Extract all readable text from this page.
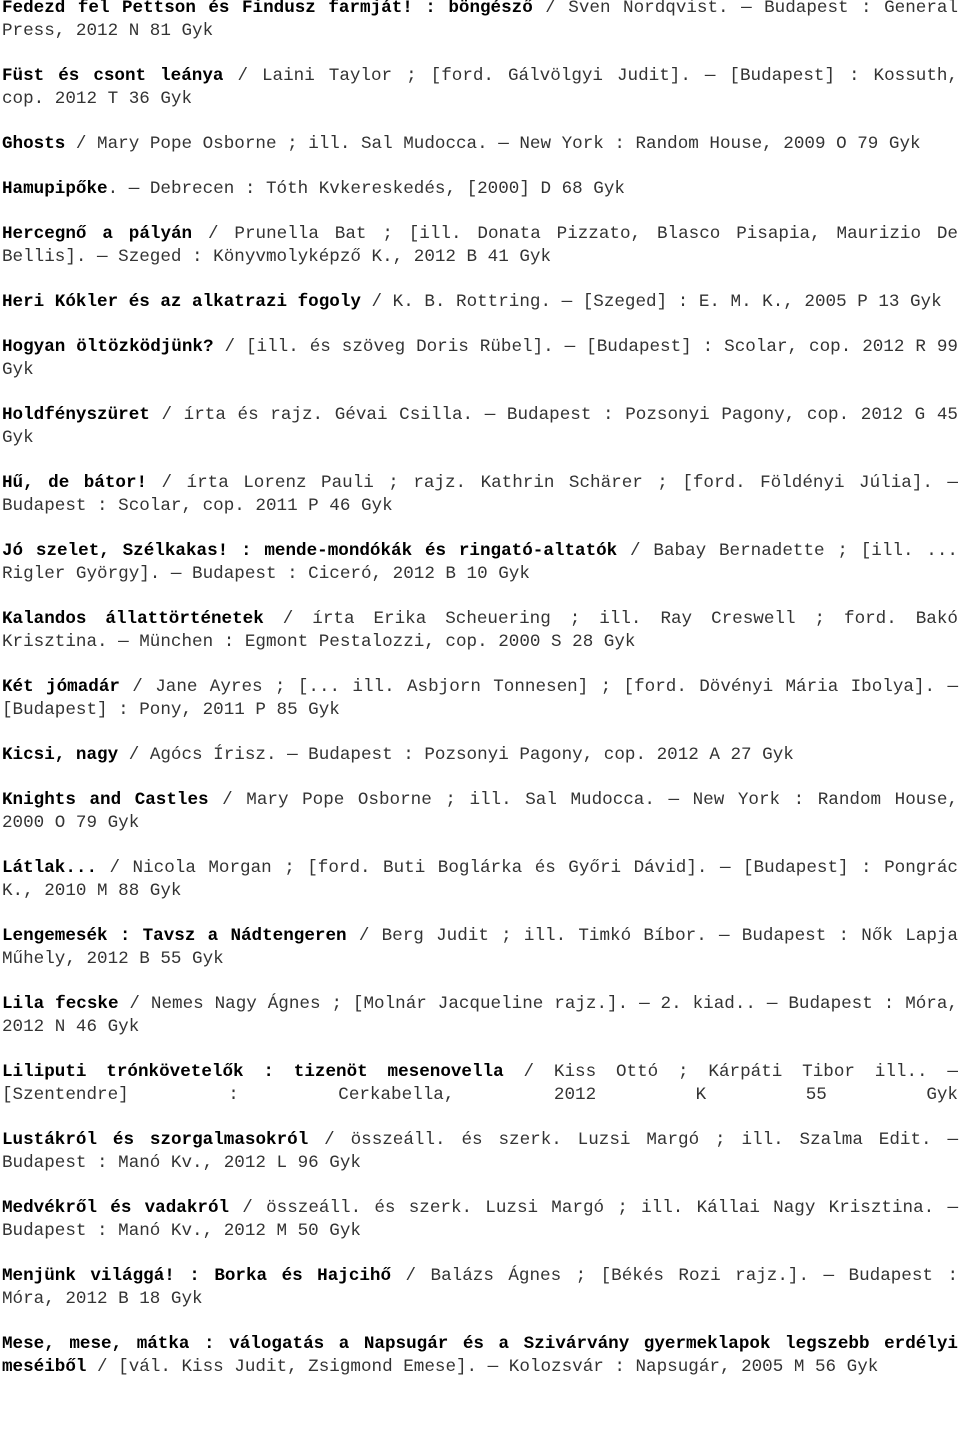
Fedezd fel Pettson és Findusz farmját! : böngésző / Sven Nordqvist. — Budapest : General Press, 2012 N 81 Gyk

Füst és csont leánya / Laini Taylor ; [ford. Gálvölgyi Judit]. — [Budapest] : Kossuth, cop. 2012 T 36 Gyk

Ghosts / Mary Pope Osborne ; ill. Sal Mudocca. — New York : Random House, 2009 O 79 Gyk

Hamupipőke. — Debrecen : Tóth Kvkereskedés, [2000] D 68 Gyk

Hercegnő a pályán / Prunella Bat ; [ill. Donata Pizzato, Blasco Pisapia, Maurizio De Bellis]. — Szeged : Könyvmolyképző K., 2012 B 41 Gyk

Heri Kókler és az alkatrazi fogoly / K. B. Rottring. — [Szeged] : E. M. K., 2005 P 13 Gyk

Hogyan öltözködjünk? / [ill. és szöveg Doris Rübel]. — [Budapest] : Scolar, cop. 2012 R 99 Gyk

Holdfényszüret / írta és rajz. Gévai Csilla. — Budapest : Pozsonyi Pagony, cop. 2012 G 45 Gyk

Hű, de bátor! / írta Lorenz Pauli ; rajz. Kathrin Schärer ; [ford. Földényi Júlia]. — Budapest : Scolar, cop. 2011 P 46 Gyk

Jó szelet, Szélkakas! : mende-mondókák és ringató-altatók / Babay Bernadette ; [ill. ... Rigler György]. — Budapest : Ciceró, 2012 B 10 Gyk

Kalandos állattörténetek / írta Erika Scheuering ; ill. Ray Creswell ; ford. Bakó Krisztina. — München : Egmont Pestalozzi, cop. 2000 S 28 Gyk

Két jómadár / Jane Ayres ; [... ill. Asbjorn Tonnesen] ; [ford. Dövényi Mária Ibolya]. — [Budapest] : Pony, 2011 P 85 Gyk

Kicsi, nagy / Agócs Írisz. — Budapest : Pozsonyi Pagony, cop. 2012 A 27 Gyk

Knights and Castles / Mary Pope Osborne ; ill. Sal Mudocca. — New York : Random House, 2000 O 79 Gyk

Látlak... / Nicola Morgan ; [ford. Buti Boglárka és Győri Dávid]. — [Budapest] : Pongrác K., 2010 M 88 Gyk

Lengemesék : Tavsz a Nádtengeren / Berg Judit ; ill. Timkó Bíbor. — Budapest : Nők Lapja Műhely, 2012 B 55 Gyk

Lila fecske / Nemes Nagy Ágnes ; [Molnár Jacqueline rajz.]. — 2. kiad.. — Budapest : Móra, 2012 N 46 Gyk

Liliputi trónkövetelők : tizenöt mesenovella / Kiss Ottó ; Kárpáti Tibor ill.. — [Szentendre] : Cerkabella, 2012 K 55 Gyk

Lustákról és szorgalmasokról / összeáll. és szerk. Luzsi Margó ; ill. Szalma Edit. — Budapest : Manó Kv., 2012 L 96 Gyk

Medvékről és vadakról / összeáll. és szerk. Luzsi Margó ; ill. Kállai Nagy Krisztina. — Budapest : Manó Kv., 2012 M 50 Gyk

Menjünk világgá! : Borka és Hajcihő / Balázs Ágnes ; [Békés Rozi rajz.]. — Budapest : Móra, 2012 B 18 Gyk

Mese, mese, mátka : válogatás a Napsugár és a Szivárvány gyermeklapok legszebb erdélyi meséiből / [vál. Kiss Judit, Zsigmond Emese]. — Kolozsvár : Napsugár, 2005 M 56 Gyk
